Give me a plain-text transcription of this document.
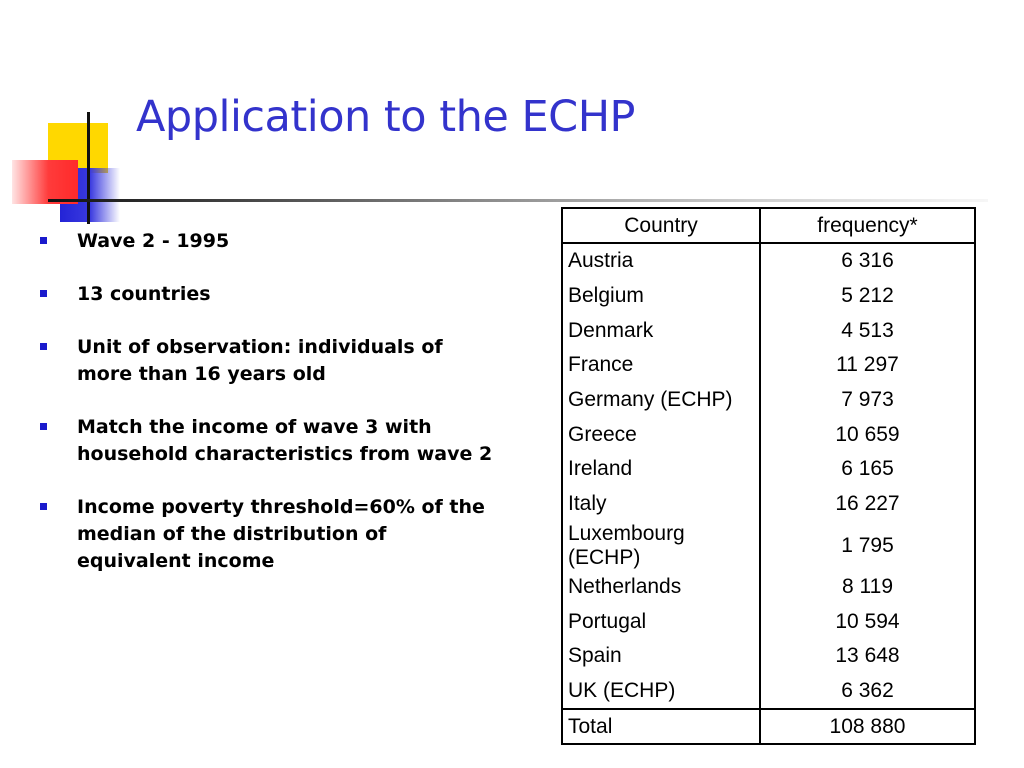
Application to the ECHP
Wave 2 - 1995
13 countries
Unit of observation: individuals of more than 16 years old
Match the income of wave 3 with household characteristics from wave 2
Income poverty threshold=60% of the median of the distribution of equivalent income
Country	frequency*
Austria	6 316
Belgium	5 212
Denmark	4 513
France	11 297
Germany (ECHP)	7 973
Greece	10 659
Ireland	6 165
Italy	16 227
Luxembourg (ECHP)	1 795
Netherlands	8 119
Portugal	10 594
Spain	13 648
UK (ECHP)	6 362
Total	108 880
